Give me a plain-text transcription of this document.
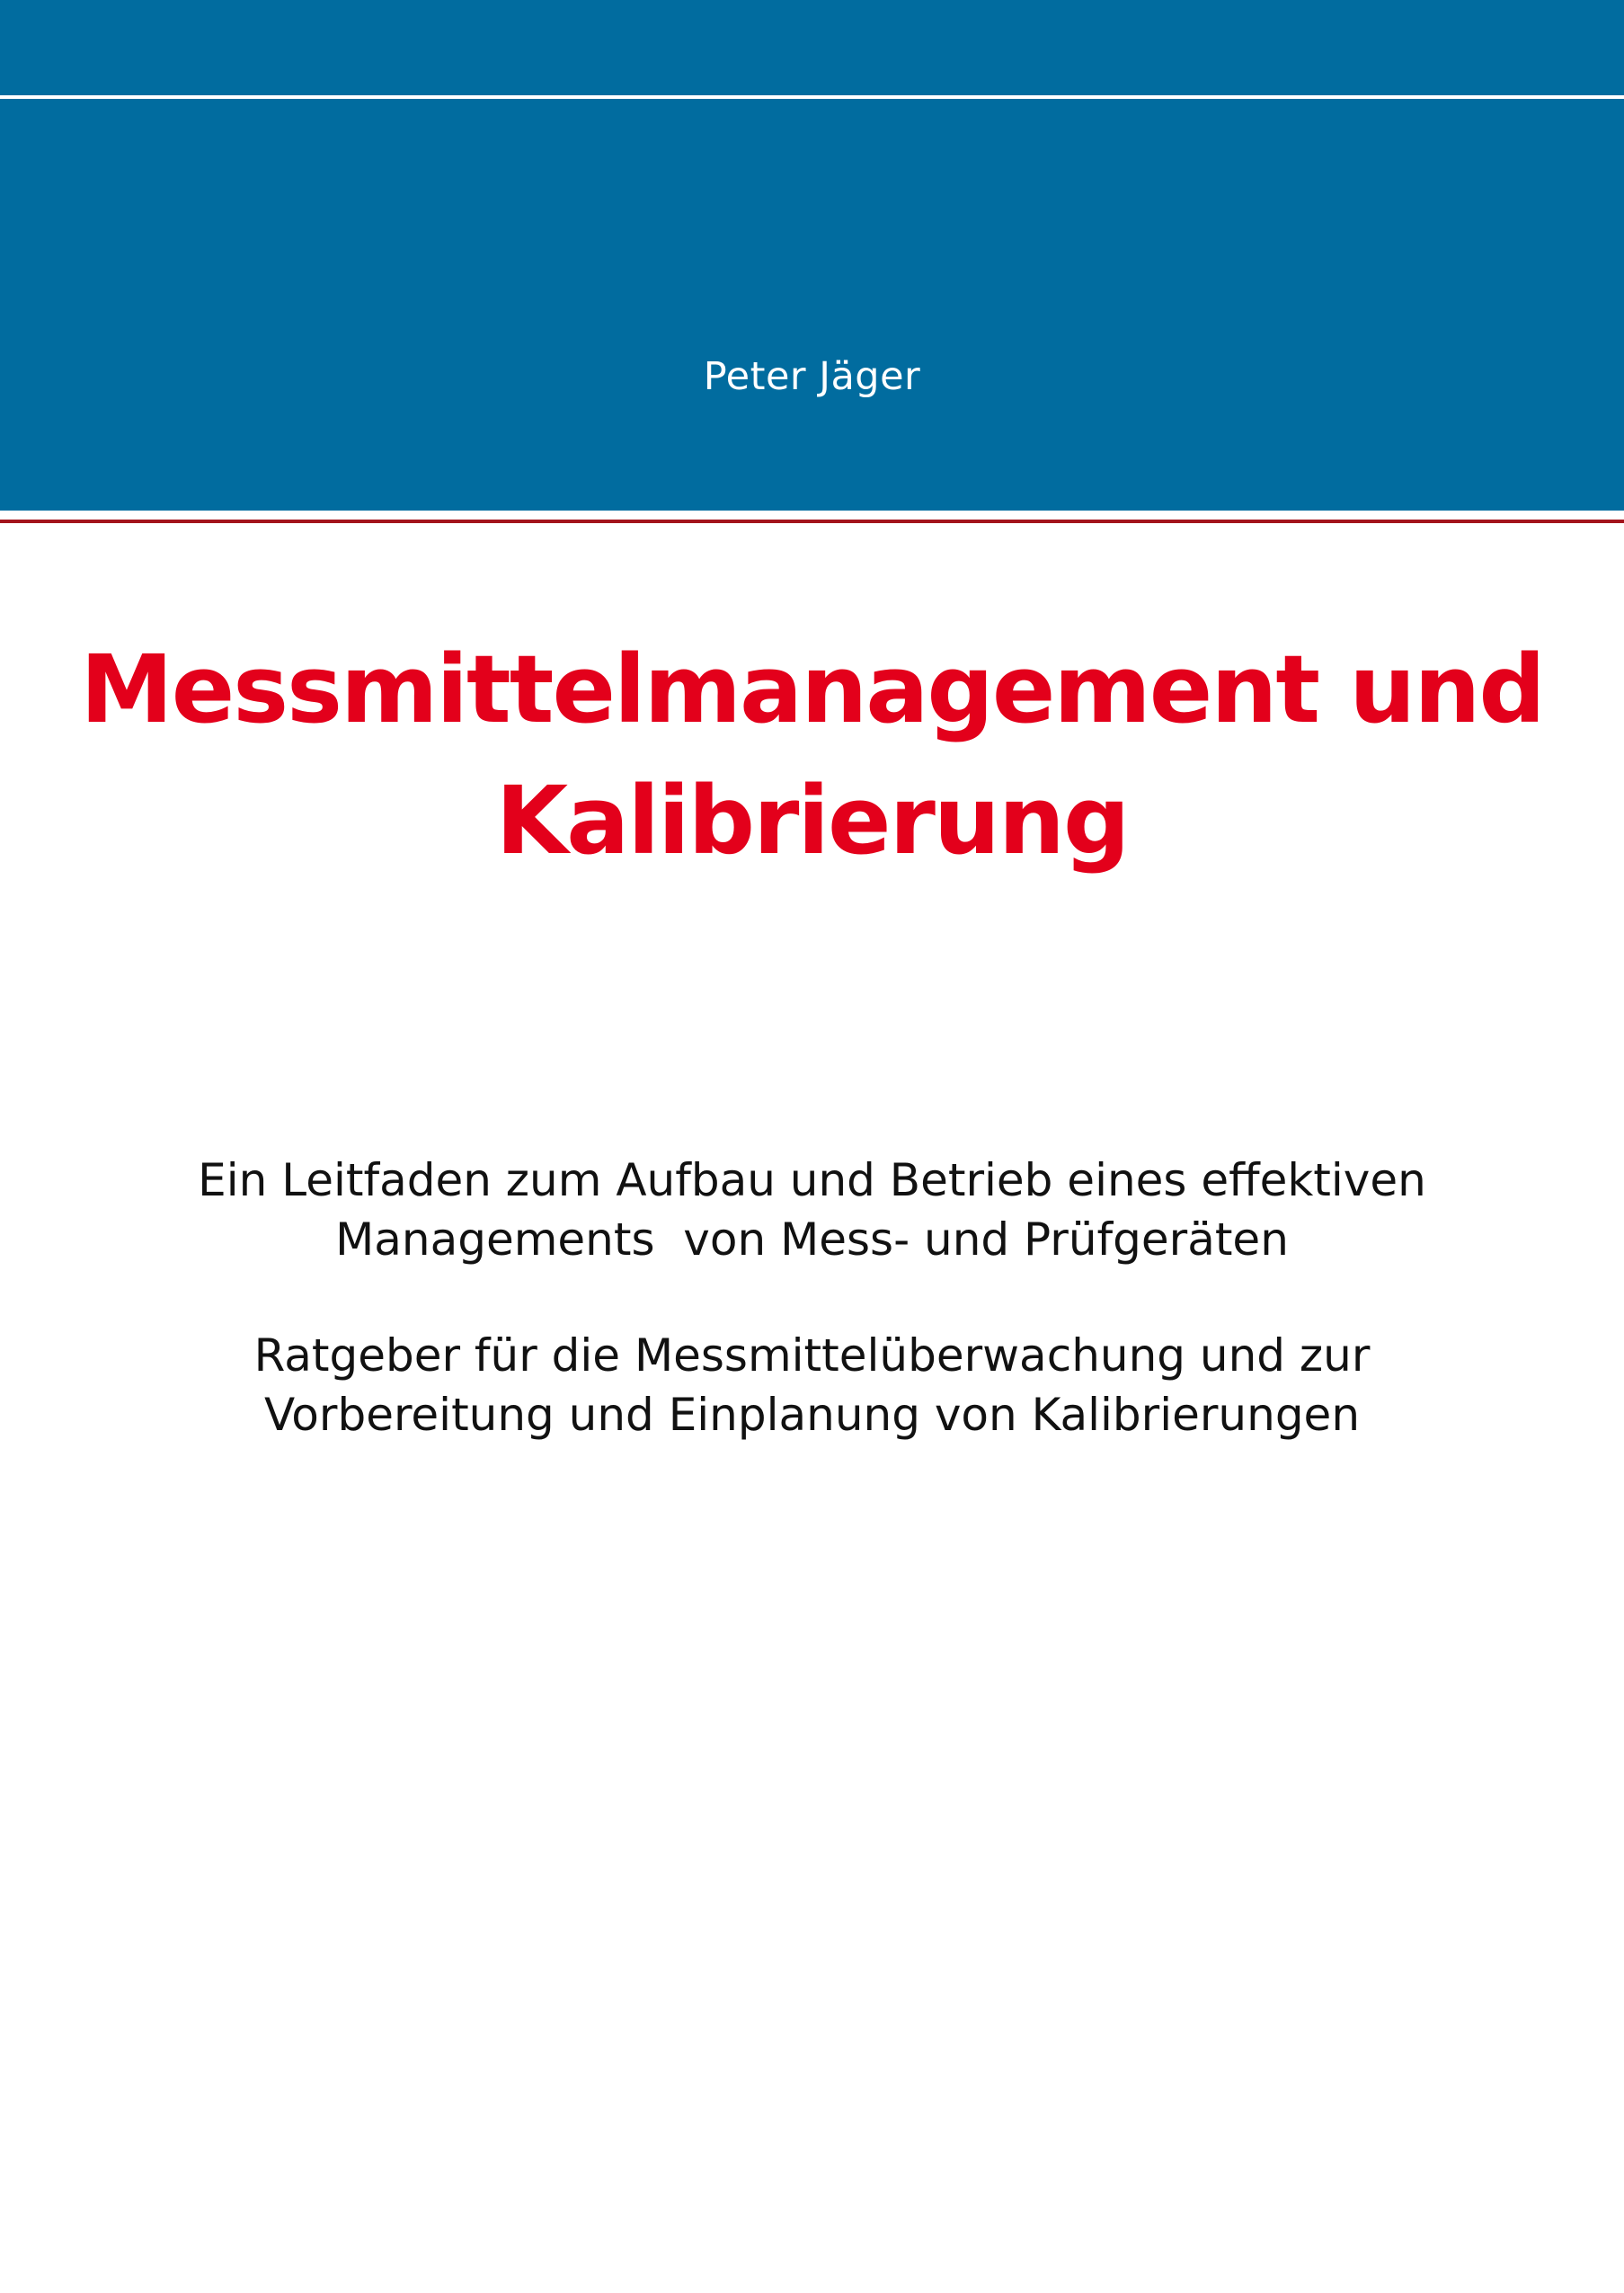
Peter Jäger
Messmittelmanagement und
Kalibrierung
Ein Leitfaden zum Aufbau und Betrieb eines effektiven
Managements  von Mess- und Prüfgeräten
Ratgeber für die Messmittelüberwachung und zur
Vorbereitung und Einplanung von Kalibrierungen
